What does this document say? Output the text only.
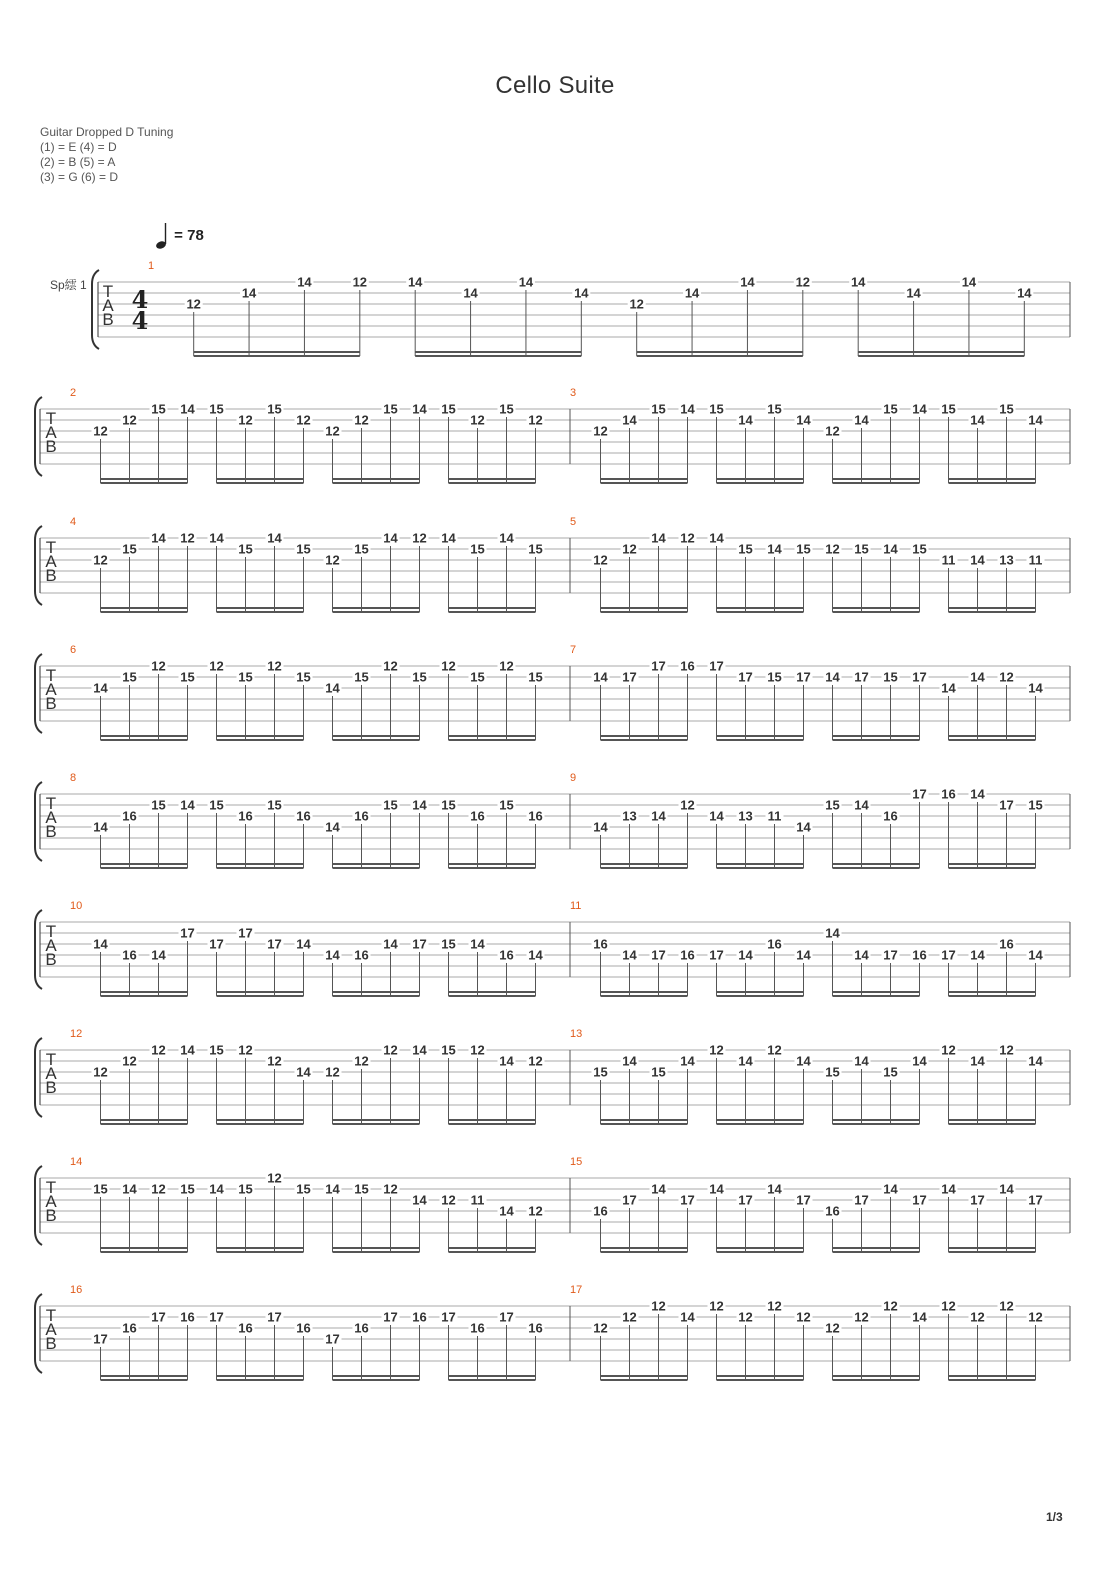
Cello Suite
Guitar Dropped D Tuning
(1) = E (4) = D
(2) = B (5) = A
(3) = G (6) = D
= 78
Sp繧 1 T
A
B
4
4
1
12
14
14	12	14
14
14
14
12
14
14	12	14
14
14
14
T
A
B
2
12
12
15 14 15
12
15
12
12
12
15 14 15
12
15
12
3
12
14
15 14 15
14
15
14
12
14
15 14 15
14
15
14
T
A
B
4
12
15
14 12 14
15
14
15
12
15
14 12 14
15
14
15
5
12
12
14 12 14
15 14 15 12 15 14 15
11 14 13 11
T
A
B
6
14
15
12
15
12
15
12
15
14
15
12
15
12
15
12
15
7
14 17
17 16 17
17 15 17 14 17 15 17
14
14 12
14
T
A
B
8
14
16
15 14 15
16
15
16
14
16
15 14 15
16
15
16
9
14
13 14
12
14 13 11
14
15 14
16
17 16 14
17 15
T
A
B
10
14
16 14
17
17
17
17 14
14 16
14 17 15 14
16 14
11
16
14 17 16 17 14
16
14
14
14 17 16 17 14
16
14
T
A
B
12
12
12
12 14 15 12
12
14 12
12
12 14 15 12
14 12
13
15
14
15
14
12
14
12
14
15
14
15
14
12
14
12
14
T
A
B
14
15 14 12 15 14 15
12
15 14 15 12
14 12 11
14 12
15
16
17
14
17
14
17
14
17
16
17
14
17
14
17
14
17
T
A
B
16
17
16
17 16 17
16
17
16
17
16
17 16 17
16
17
16
17
12
12
12
14
12
12
12
12
12
12
12
14
12
12
12
12
1/3
